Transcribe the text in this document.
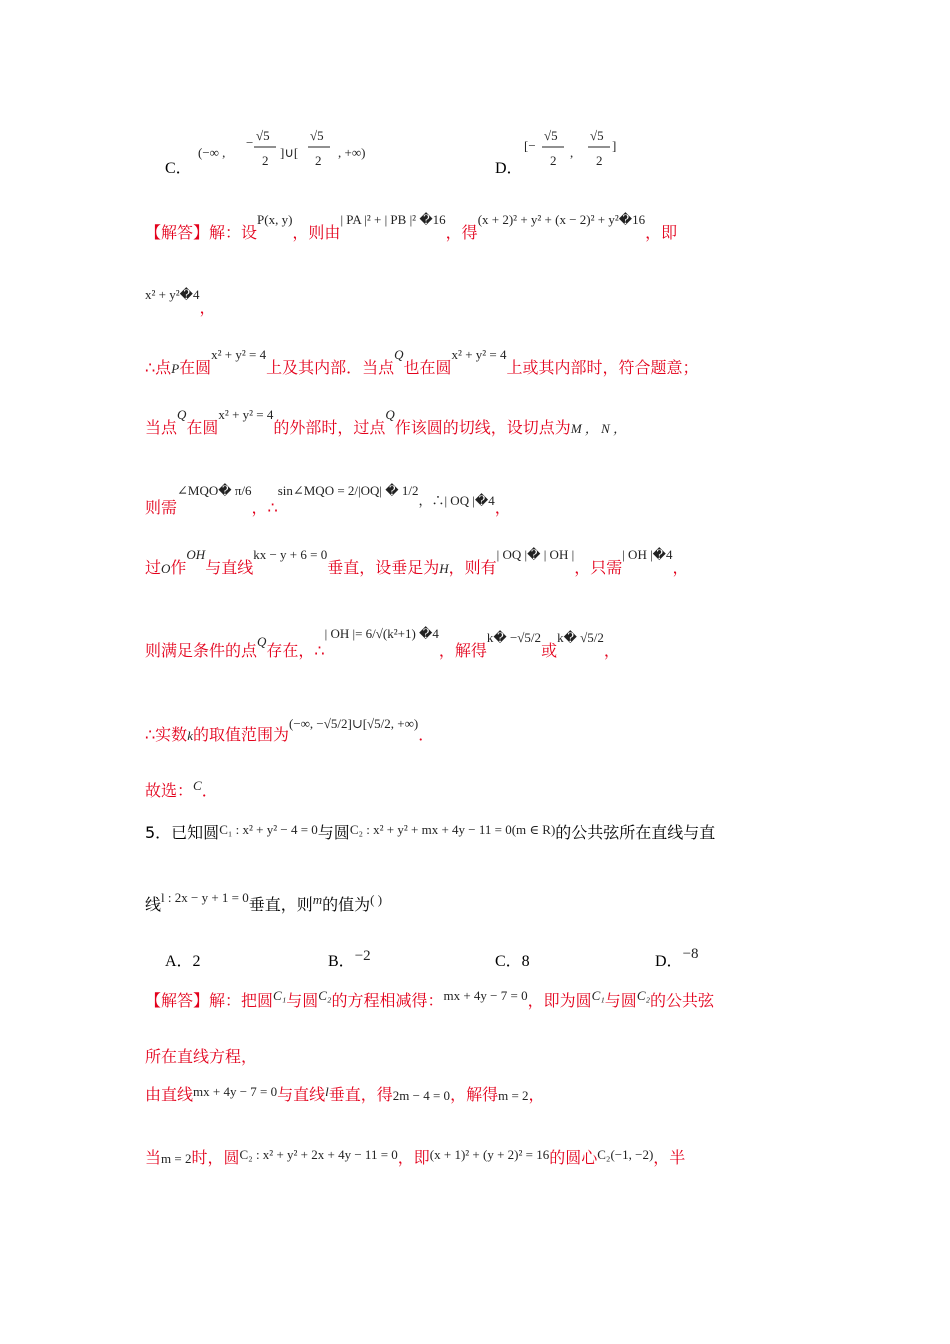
C．
(−∞ ,
− √5
2
]∪[
√5
2
, +∞)
D．
[−
√5
2
,
√5
2
]
【解答】解：设$^{P(x, y)}$，则由$^{| PA |^2 + | PB |^2 �16}$，得$^{(x + 2)^2 + y^2 + (x - 2)^2 + y^2�16}$，即
$^{x^2 + y^2�4}$，
∴点P在圆$^{x^2 + y^2 = 4}$上及其内部．当点$^Q$也在圆$^{x^2 + y^2 = 4}$上或其内部时，符合题意；
当点$^Q$在圆$^{x^2 + y^2 = 4}$的外部时，过点$^Q$作该圆的切线，设切点为M ， N ，
则需$^{\angle MQO� \pi/6}$，∴$^{sin\angle MQO = 2/|OQ| � 1/2,\therefore| OQ |�4}$，
过O作$^{OH}$与直线$^{kx - y + 6 = 0}$垂直，设垂足为H，则有$^{| OQ |� | OH |}$，只需$^{| OH |�4}$，
则满足条件的点$^Q$存在，∴$^{| OH |= 6/√(k^2+1) �4}$，解得$^{k� -√5/2}$或$^{k� √5/2}$，
∴实数k的取值范围为$^{(-\infty, -√5/2]\cup[√5/2, +\infty)}$．
故选：$^C$．
5．已知圆$^{C_1 : x^2 + y^2 - 4 = 0}$与圆$^{C_2 : x^2 + y^2 + mx + 4y - 11 = 0(m \in R)}$的公共弦所在直线与直
线$^{l : 2x - y + 1 = 0}$垂直，则$^m$的值为( )
A．2	B．−2	C．8	D．−8
【解答】解：把圆$^{C_1}$与圆$^{C_2}$的方程相减得：$^{mx + 4y - 7 = 0}$，即为圆$^{C_1}$与圆$^{C_2}$的公共弦
所在直线方程，
由直线$^{mx + 4y - 7 = 0}$与直线$^l$垂直，得2m − 4 = 0，解得m = 2，
当m = 2时，圆$^{C_2 : x^2 + y^2 + 2x + 4y - 11 = 0}$，即$^{(x + 1)^2 + (y + 2)^2 = 16}$的圆心$^{C_2(-1, -2)}$，半
